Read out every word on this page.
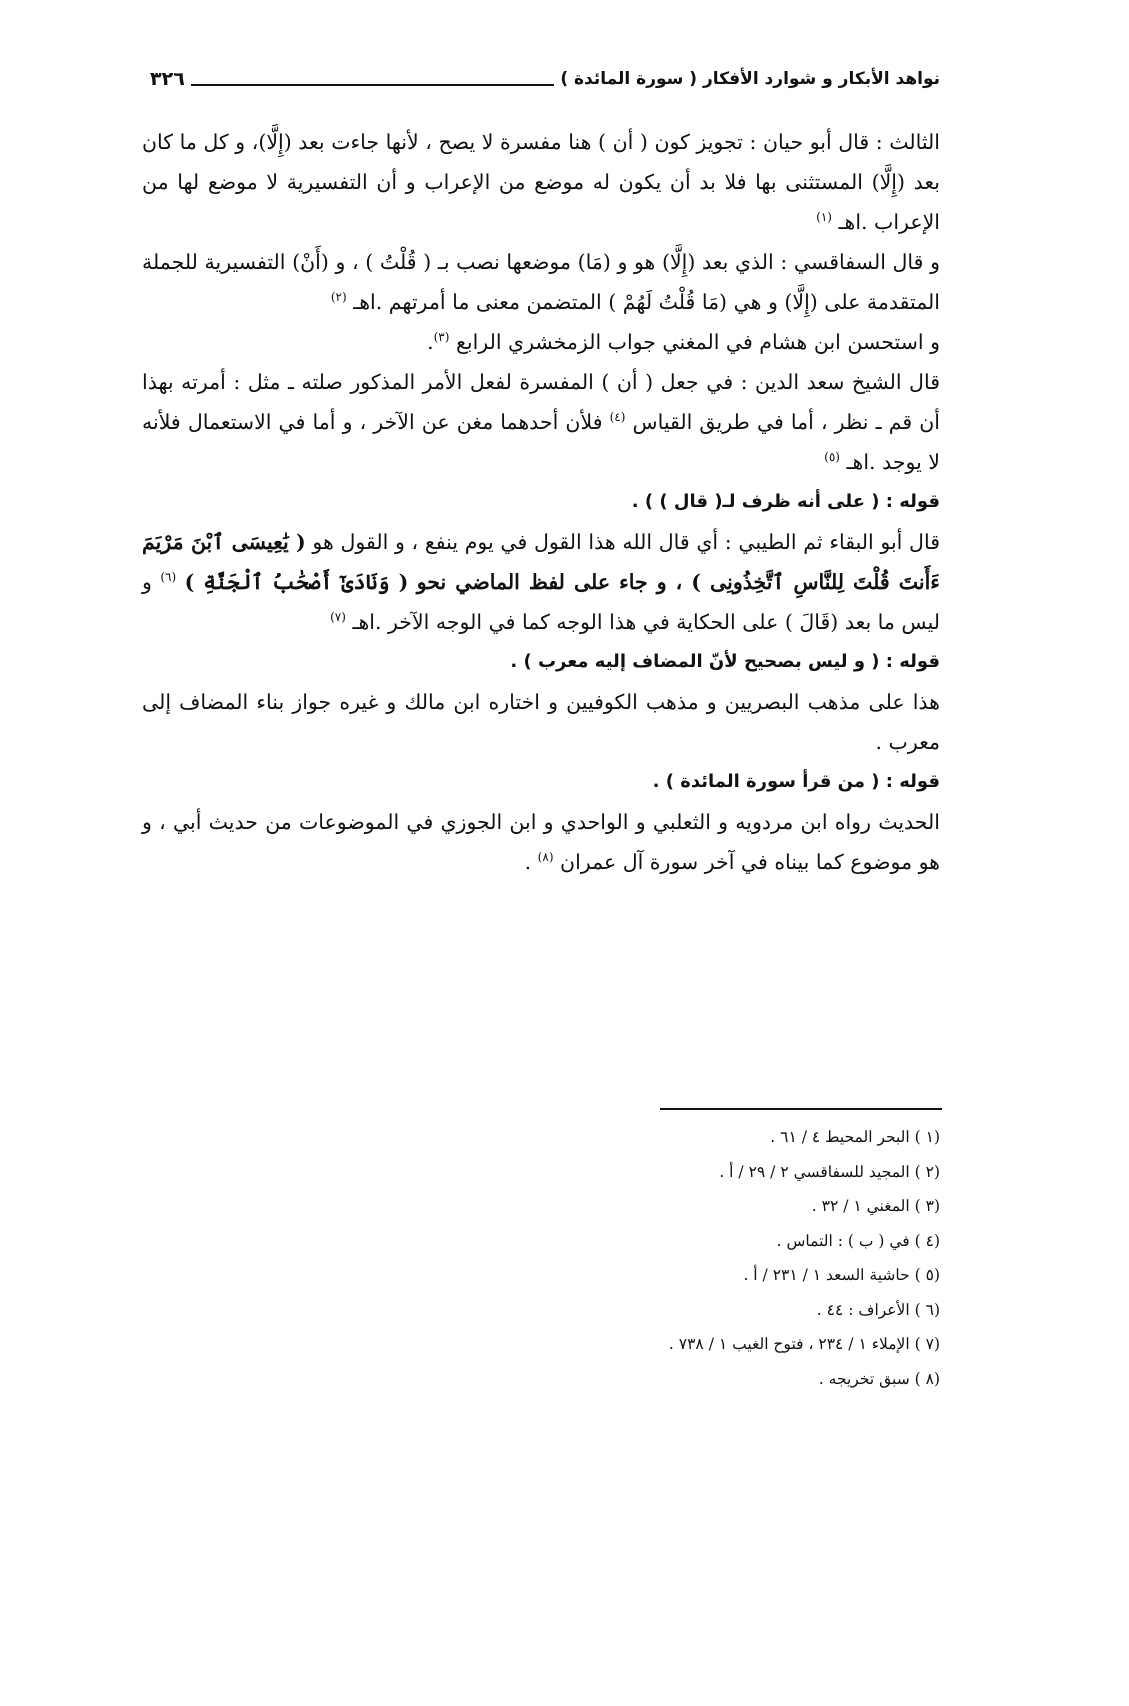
نواهد الأبكار و شوارد الأفكار ( سورة المائدة )
٣٢٦

الثالث : قال أبو حيان : تجويز كون ( أن ) هنا مفسرة لا يصح ، لأنها جاءت بعد (إِلَّا)، و كل ما كان بعد (إِلَّا) المستثنى بها فلا بد أن يكون له موضع من الإعراب و أن التفسيرية لا موضع لها من الإعراب .اهـ $^{(١)}$

و قال السفاقسي : الذي بعد (إِلَّا) هو و (مَا) موضعها نصب بـ ( قُلْتُ ) ، و (أَنْ) التفسيرية للجملة المتقدمة على (إِلَّا) و هي (مَا قُلْتُ لَهُمْ ) المتضمن معنى ما أمرتهم .اهـ $^{(٢)}$

و استحسن ابن هشام في المغني جواب الزمخشري الرابع $^{(٣)}$.

قال الشيخ سعد الدين : في جعل ( أن ) المفسرة لفعل الأمر المذكور صلته ـ مثل : أمرته بهذا أن قم ـ نظر ، أما في طريق القياس $^{(٤)}$ فلأن أحدهما مغن عن الآخر ، و أما في الاستعمال فلأنه لا يوجد .اهـ $^{(٥)}$

قوله : ( على أنه ظرف لـ( قال ) ) .

قال أبو البقاء ثم الطيبي : أي قال الله هذا القول في يوم ينفع ، و القول هو ( يَٰعِيسَى ٱبْنَ مَرْيَمَ ءَأَنتَ قُلْتَ لِلنَّاسِ ٱتَّخِذُونِى ) ، و جاء على لفظ الماضي نحو ( وَنَادَىٰٓ أَصْحَٰبُ ٱلْجَنَّةِ ) $^{(٦)}$ و ليس ما بعد (قَالَ ) على الحكاية في هذا الوجه كما في الوجه الآخر .اهـ $^{(٧)}$

قوله : ( و ليس بصحيح لأنّ المضاف إليه معرب ) .

هذا على مذهب البصريين و مذهب الكوفيين و اختاره ابن مالك و غيره جواز بناء المضاف إلى معرب .

قوله : ( من قرأ سورة المائدة ) .

الحديث رواه ابن مردويه و الثعلبي و الواحدي و ابن الجوزي في الموضوعات من حديث أبي ، و هو موضوع كما بيناه في آخر سورة آل عمران $^{(٨)}$ .

(١ ) البحر المحيط ٤ / ٦١ .
(٢ ) المجيد للسفاقسي ٢ / ٢٩ / أ .
(٣ ) المغني ١ / ٣٢ .
(٤ ) في ( ب ) : التماس .
(٥ ) حاشية السعد ١ / ٢٣١ / أ .
(٦ ) الأعراف : ٤٤ .
(٧ ) الإملاء ١ / ٢٣٤ ، فتوح الغيب ١ / ٧٣٨ .
(٨ ) سبق تخريجه .
